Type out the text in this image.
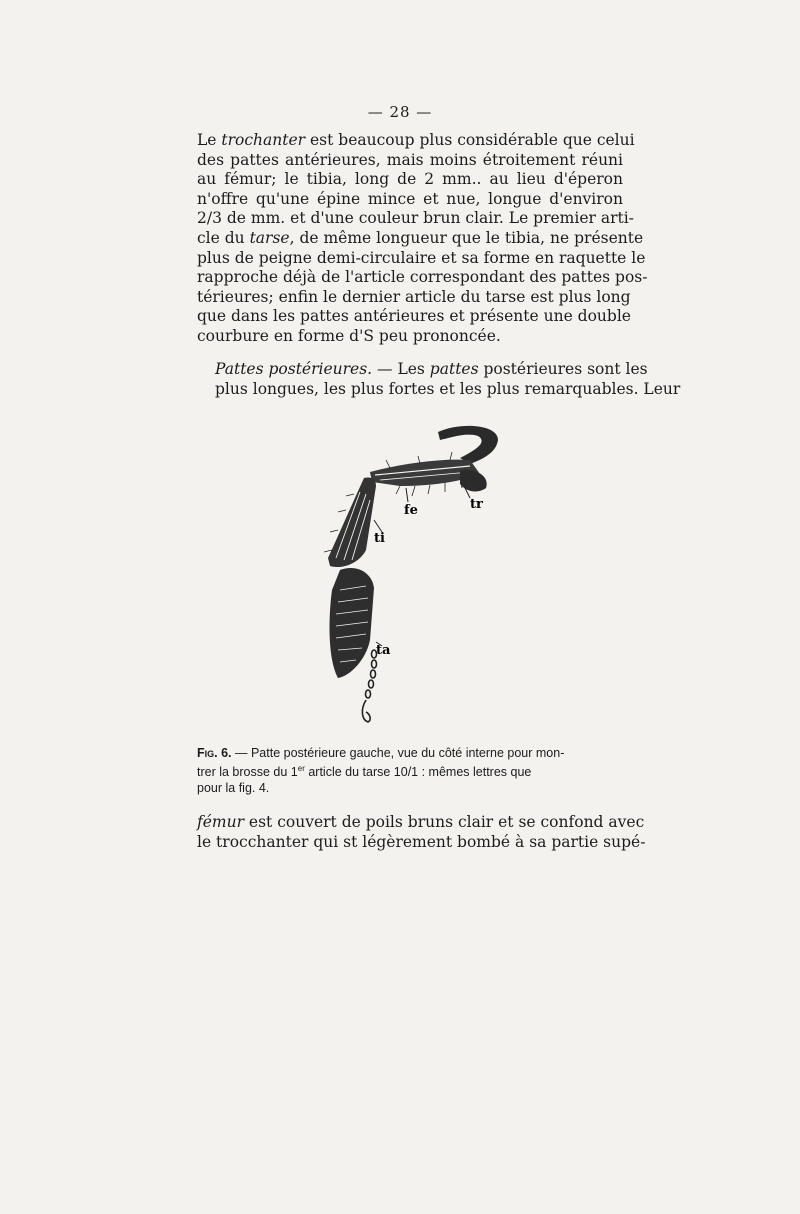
— 28 —
Le trochanter est beaucoup plus considérable que celui
des pattes antérieures, mais moins étroitement réuni
au fémur; le tibia, long de 2 mm.. au lieu d'éperon
n'offre qu'une épine mince et nue, longue d'environ
2/3 de mm. et d'une couleur brun clair. Le premier arti-
cle du tarse, de même longueur que le tibia, ne présente
plus de peigne demi-circulaire et sa forme en raquette le
rapproche déjà de l'article correspondant des pattes pos-
térieures; enfin le dernier article du tarse est plus long
que dans les pattes antérieures et présente une double
courbure en forme d'S peu prononcée.
Pattes postérieures. — Les pattes postérieures sont les
plus longues, les plus fortes et les plus remarquables. Leur
fe	tr
ti
ta
Fig. 6. — Patte postérieure gauche, vue du côté interne pour mon-
trer la brosse du 1er article du tarse 10/1 : mêmes lettres que
pour la fig. 4.
fémur est couvert de poils bruns clair et se confond avec
le trocchanter qui st légèrement bombé à sa partie supé-
